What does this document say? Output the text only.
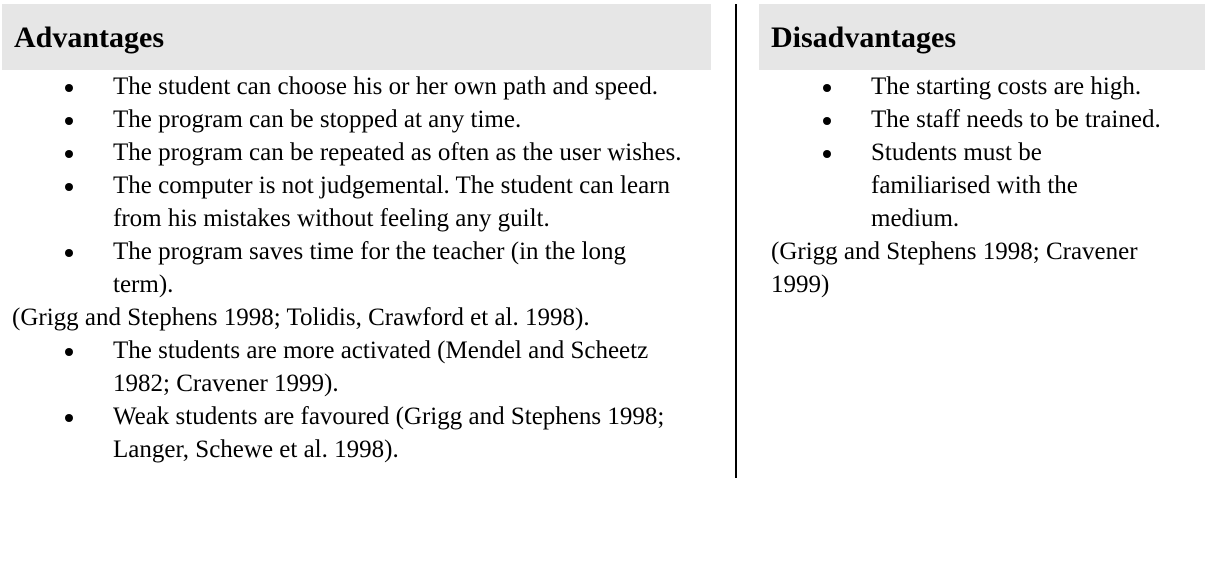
Advantages
The student can choose his or her own path and speed.
The program can be stopped at any time.
The program can be repeated as often as the user wishes.
The computer is not judgemental. The student can learn from his mistakes without feeling any guilt.
The program saves time for the teacher (in the long term).
(Grigg and Stephens 1998; Tolidis, Crawford et al. 1998).
The students are more activated (Mendel and Scheetz 1982; Cravener 1999).
Weak students are favoured (Grigg and Stephens 1998; Langer, Schewe et al. 1998).
Disadvantages
The starting costs are high.
The staff needs to be trained.
Students must be familiarised with the medium.
(Grigg and Stephens 1998; Cravener 1999)
